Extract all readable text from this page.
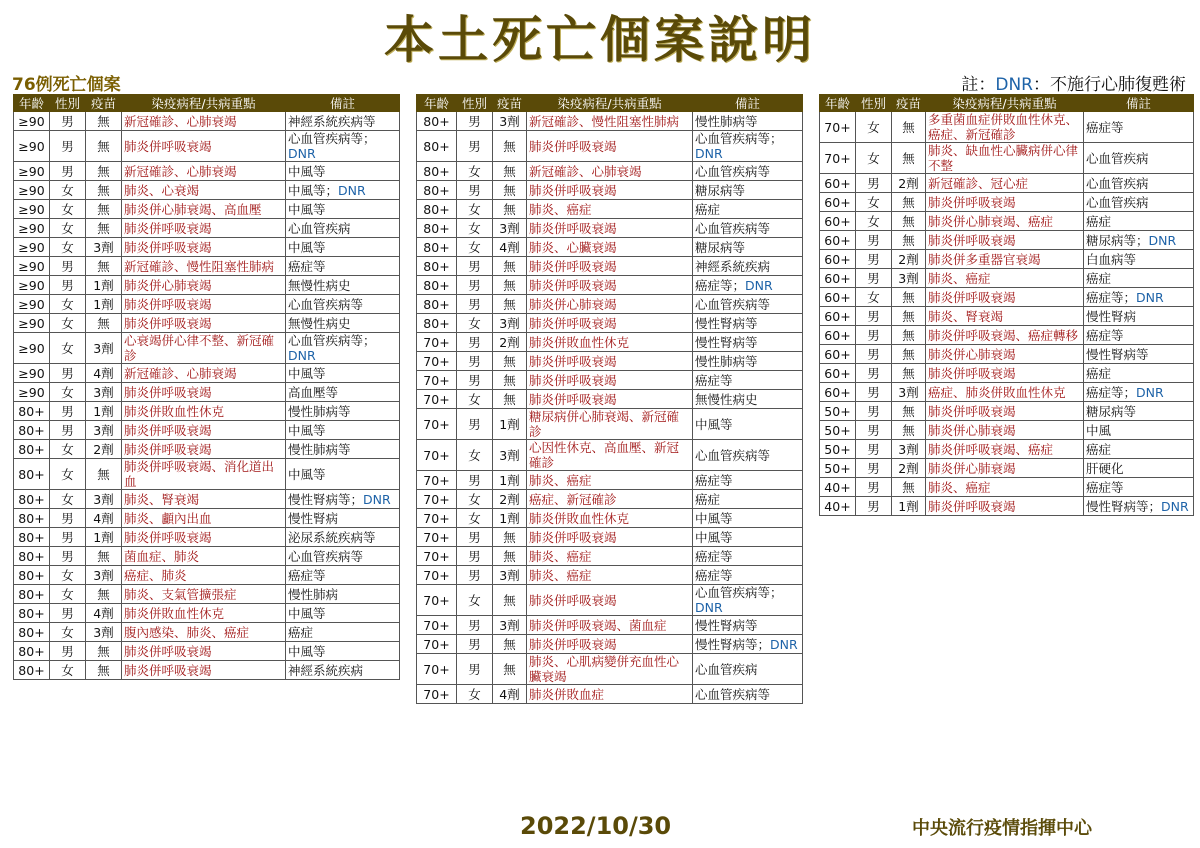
本土死亡個案說明
76例死亡個案	註：DNR：不施行心肺復甦術
年齡	性別	疫苗	染疫病程/共病重點	備註
≥90	男	無	新冠確診、心肺衰竭	神經系統疾病等
≥90	男	無	肺炎併呼吸衰竭	心血管疾病等；
DNR
≥90	男	無	新冠確診、心肺衰竭	中風等
≥90	女	無	肺炎、心衰竭	中風等；DNR
≥90	女	無	肺炎併心肺衰竭、高血壓	中風等
≥90	女	無	肺炎併呼吸衰竭	心血管疾病
≥90	女	3劑	肺炎併呼吸衰竭	中風等
≥90	男	無	新冠確診、慢性阻塞性肺病	癌症等
≥90	男	1劑	肺炎併心肺衰竭	無慢性病史
≥90	女	1劑	肺炎併呼吸衰竭	心血管疾病等
≥90	女	無	肺炎併呼吸衰竭	無慢性病史
≥90	女	3劑	心衰竭併心律不整、新冠確診	心血管疾病等；
DNR
≥90	男	4劑	新冠確診、心肺衰竭	中風等
≥90	女	3劑	肺炎併呼吸衰竭	高血壓等
80+	男	1劑	肺炎併敗血性休克	慢性肺病等
80+	男	3劑	肺炎併呼吸衰竭	中風等
80+	女	2劑	肺炎併呼吸衰竭	慢性肺病等
80+	女	無	肺炎併呼吸衰竭、消化道出血	中風等
80+	女	3劑	肺炎、腎衰竭	慢性腎病等；DNR
80+	男	4劑	肺炎、顱內出血	慢性腎病
80+	男	1劑	肺炎併呼吸衰竭	泌尿系統疾病等
80+	男	無	菌血症、肺炎	心血管疾病等
80+	女	3劑	癌症、肺炎	癌症等
80+	女	無	肺炎、支氣管擴張症	慢性肺病
80+	男	4劑	肺炎併敗血性休克	中風等
80+	女	3劑	腹內感染、肺炎、癌症	癌症
80+	男	無	肺炎併呼吸衰竭	中風等
80+	女	無	肺炎併呼吸衰竭	神經系統疾病
年齡	性別	疫苗	染疫病程/共病重點	備註
80+	男	3劑	新冠確診、慢性阻塞性肺病	慢性肺病等
80+	男	無	肺炎併呼吸衰竭	心血管疾病等；
DNR
80+	女	無	新冠確診、心肺衰竭	心血管疾病等
80+	男	無	肺炎併呼吸衰竭	糖尿病等
80+	女	無	肺炎、癌症	癌症
80+	女	3劑	肺炎併呼吸衰竭	心血管疾病等
80+	女	4劑	肺炎、心臟衰竭	糖尿病等
80+	男	無	肺炎併呼吸衰竭	神經系統疾病
80+	男	無	肺炎併呼吸衰竭	癌症等；DNR
80+	男	無	肺炎併心肺衰竭	心血管疾病等
80+	女	3劑	肺炎併呼吸衰竭	慢性腎病等
70+	男	2劑	肺炎併敗血性休克	慢性腎病等
70+	男	無	肺炎併呼吸衰竭	慢性肺病等
70+	男	無	肺炎併呼吸衰竭	癌症等
70+	女	無	肺炎併呼吸衰竭	無慢性病史
70+	男	1劑	糖尿病併心肺衰竭、新冠確診	中風等
70+	女	3劑	心因性休克、高血壓、新冠確診	心血管疾病等
70+	男	1劑	肺炎、癌症	癌症等
70+	女	2劑	癌症、新冠確診	癌症
70+	女	1劑	肺炎併敗血性休克	中風等
70+	男	無	肺炎併呼吸衰竭	中風等
70+	男	無	肺炎、癌症	癌症等
70+	男	3劑	肺炎、癌症	癌症等
70+	女	無	肺炎併呼吸衰竭	心血管疾病等；
DNR
70+	男	3劑	肺炎併呼吸衰竭、菌血症	慢性腎病等
70+	男	無	肺炎併呼吸衰竭	慢性腎病等；DNR
70+	男	無	肺炎、心肌病變併充血性心臟衰竭	心血管疾病
70+	女	4劑	肺炎併敗血症	心血管疾病等
年齡	性別	疫苗	染疫病程/共病重點	備註
70+	女	無	多重菌血症併敗血性休克、癌症、新冠確診	癌症等
70+	女	無	肺炎、缺血性心臟病併心律不整	心血管疾病
60+	男	2劑	新冠確診、冠心症	心血管疾病
60+	女	無	肺炎併呼吸衰竭	心血管疾病
60+	女	無	肺炎併心肺衰竭、癌症	癌症
60+	男	無	肺炎併呼吸衰竭	糖尿病等；DNR
60+	男	2劑	肺炎併多重器官衰竭	白血病等
60+	男	3劑	肺炎、癌症	癌症
60+	女	無	肺炎併呼吸衰竭	癌症等；DNR
60+	男	無	肺炎、腎衰竭	慢性腎病
60+	男	無	肺炎併呼吸衰竭、癌症轉移	癌症等
60+	男	無	肺炎併心肺衰竭	慢性腎病等
60+	男	無	肺炎併呼吸衰竭	癌症
60+	男	3劑	癌症、肺炎併敗血性休克	癌症等；DNR
50+	男	無	肺炎併呼吸衰竭	糖尿病等
50+	男	無	肺炎併心肺衰竭	中風
50+	男	3劑	肺炎併呼吸衰竭、癌症	癌症
50+	男	2劑	肺炎併心肺衰竭	肝硬化
40+	男	無	肺炎、癌症	癌症等
40+	男	1劑	肺炎併呼吸衰竭	慢性腎病等；DNR
2022/10/30	中央流行疫情指揮中心
